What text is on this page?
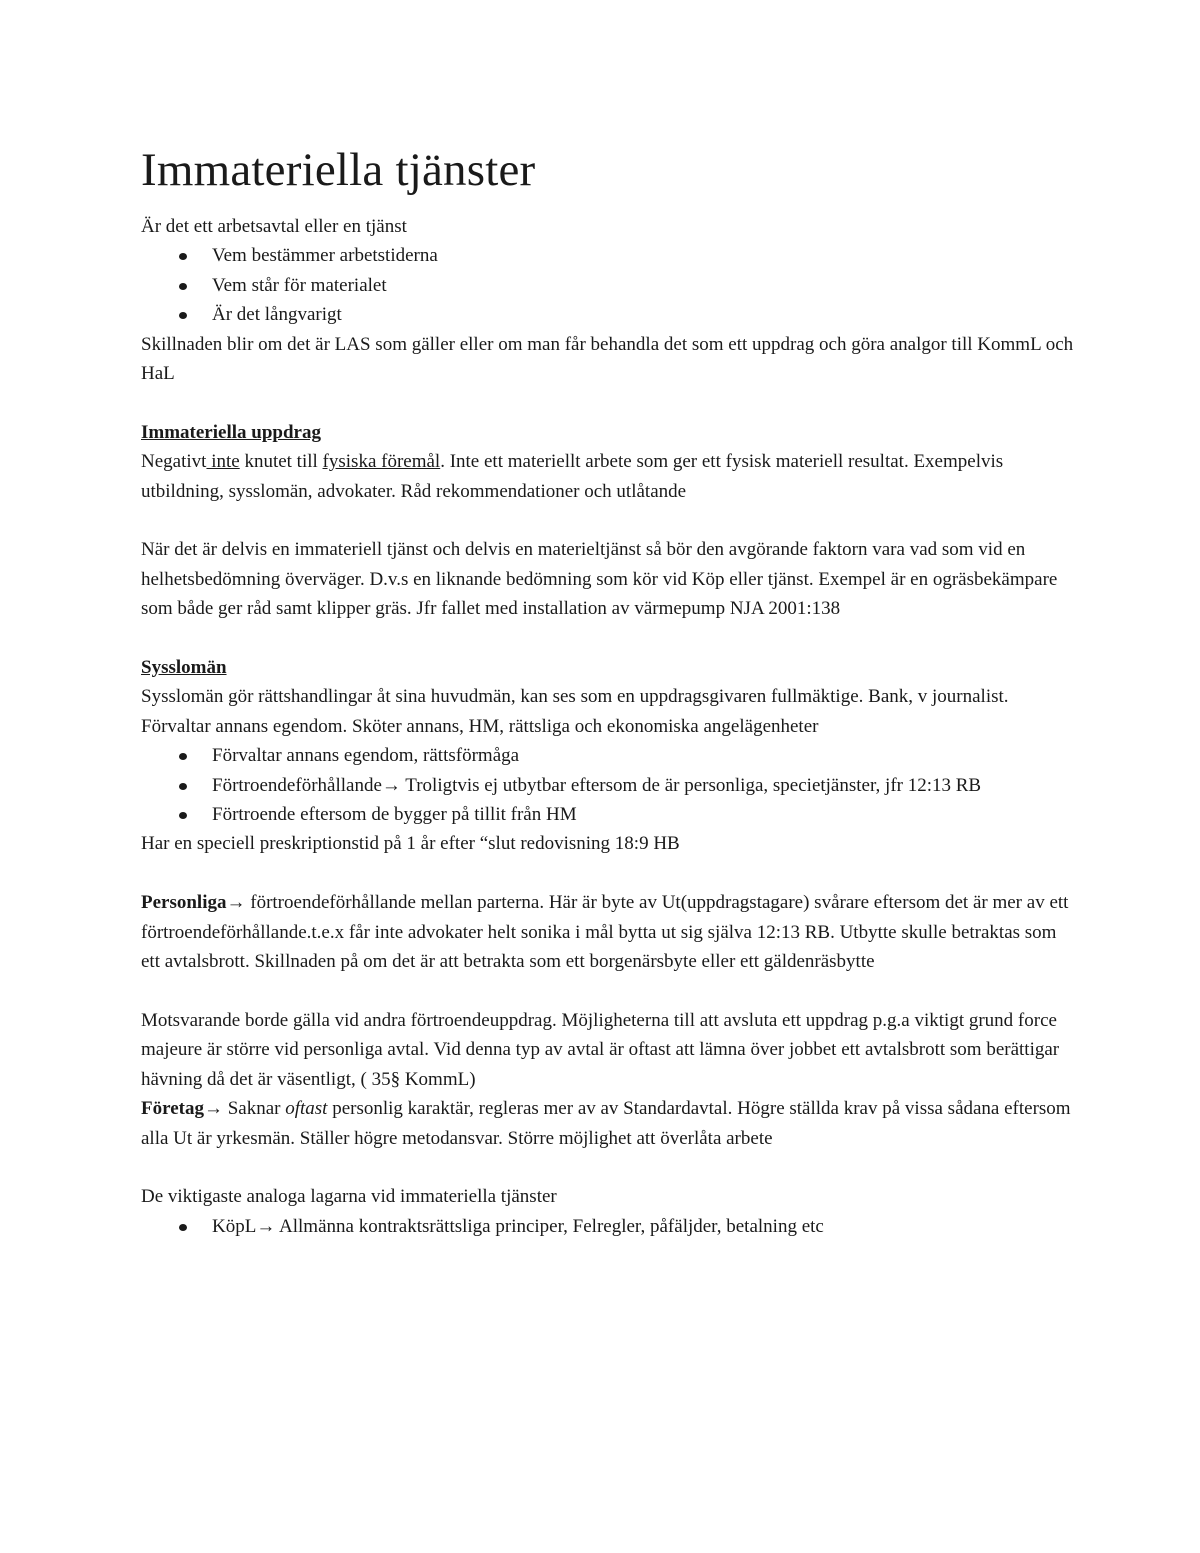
Immateriella tjänster

Är det ett arbetsavtal eller en tjänst

Vem bestämmer arbetstiderna
Vem står för materialet
Är det långvarigt

Skillnaden blir om det är LAS som gäller eller om man får behandla det som ett uppdrag och göra analgor till KommL och HaL

Immateriella uppdrag

Negativt inte knutet till fysiska föremål. Inte ett materiellt arbete som ger ett fysisk materiell resultat. Exempelvis utbildning, sysslomän, advokater. Råd rekommendationer och utlåtande

När det är delvis en immateriell tjänst och delvis en materieltjänst så bör den avgörande faktorn vara vad som vid en helhetsbedömning överväger. D.v.s en liknande bedömning som kör vid Köp eller tjänst. Exempel är en ogräsbekämpare som både ger råd samt klipper gräs. Jfr fallet med installation av värmepump NJA 2001:138

Sysslomän

Sysslomän gör rättshandlingar åt sina huvudmän, kan ses som en uppdragsgivaren fullmäktige. Bank, v journalist. Förvaltar annans egendom. Sköter annans, HM, rättsliga och ekonomiska angelägenheter

Förvaltar annans egendom, rättsförmåga
Förtroendeförhållande→ Troligtvis ej utbytbar eftersom de är personliga, specietjänster, jfr 12:13 RB
Förtroende eftersom de bygger på tillit från HM

Har en speciell preskriptionstid på 1 år efter “slut redovisning 18:9 HB

Personliga→ förtroendeförhållande mellan parterna. Här är byte av Ut(uppdragstagare) svårare eftersom det är mer av ett förtroendeförhållande.t.e.x får inte advokater helt sonika i mål bytta ut sig själva 12:13 RB. Utbytte skulle betraktas som ett avtalsbrott. Skillnaden på om det är att betrakta som ett borgenärsbyte eller ett gäldenräsbytte

Motsvarande borde gälla vid andra förtroendeuppdrag. Möjligheterna till att avsluta ett uppdrag p.g.a viktigt grund force majeure är större vid personliga avtal. Vid denna typ av avtal är oftast att lämna över jobbet ett avtalsbrott som berättigar hävning då det är väsentligt, ( 35§ KommL)

Företag→ Saknar oftast personlig karaktär, regleras mer av av Standardavtal. Högre ställda krav på vissa sådana eftersom alla Ut är yrkesmän. Ställer högre metodansvar. Större möjlighet att överlåta arbete

De viktigaste analoga lagarna vid immateriella tjänster

KöpL→ Allmänna kontraktsrättsliga principer, Felregler, påfäljder, betalning etc
